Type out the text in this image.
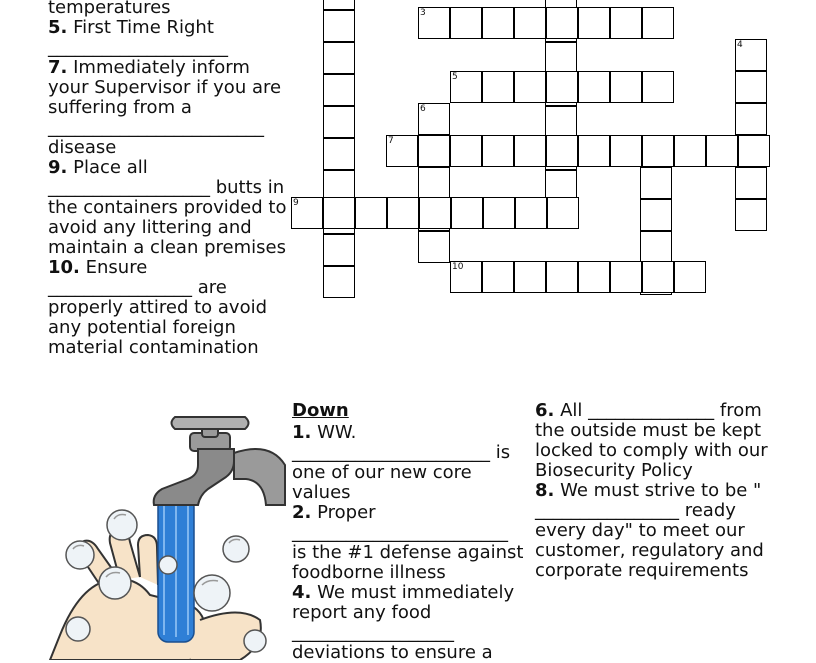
6
4
3
5
7
9
10

temperatures

5. First Time Right ____________________

7. Immediately inform your Supervisor if you are suffering from a ________________________ disease

9. Place all __________________ butts in the containers provided to avoid any littering and maintain a clean premises

10. Ensure ________________ are properly attired to avoid any potential foreign material contamination

Down

1. WW. ______________________ is one of our new core values

2. Proper ________________________ is the #1 defense against foodborne illness

4. We must immediately report any food __________________ deviations to ensure a

6. All ______________ from the outside must be kept locked to comply with our Biosecurity Policy

8. We must strive to be " ________________ ready every day" to meet our customer, regulatory and corporate requirements
